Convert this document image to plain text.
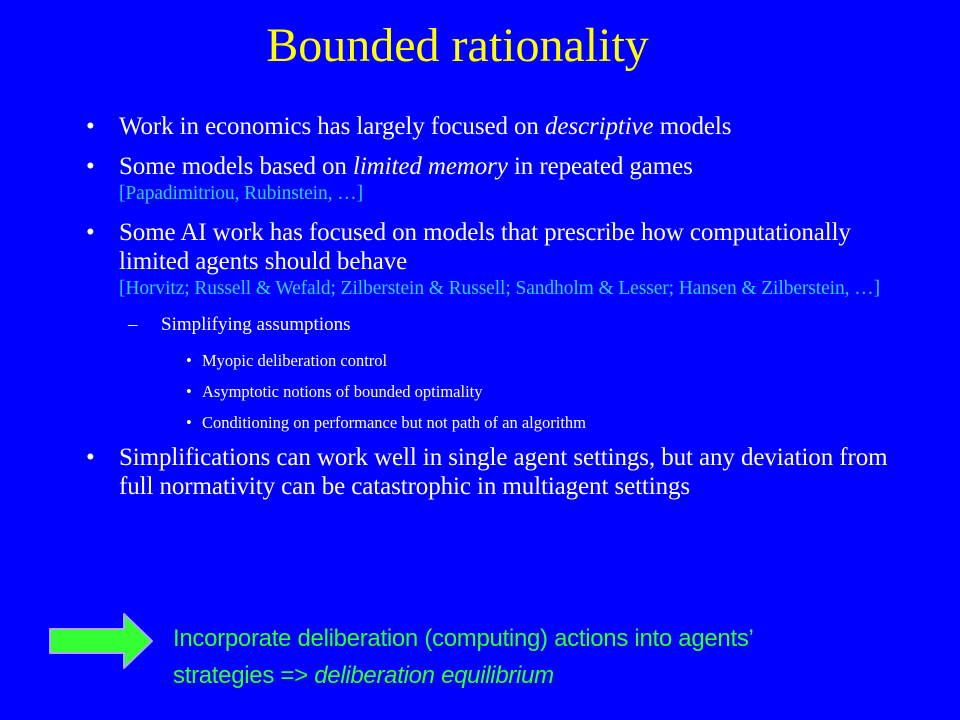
Bounded rationality
• Work in economics has largely focused on descriptive models
• Some models based on limited memory in repeated games
[Papadimitriou, Rubinstein, …]
• Some AI work has focused on models that prescribe how computationally limited agents should behave
[Horvitz; Russell & Wefald; Zilberstein & Russell; Sandholm & Lesser; Hansen & Zilberstein, …]
– Simplifying assumptions
• Myopic deliberation control
• Asymptotic notions of bounded optimality
• Conditioning on performance but not path of an algorithm
• Simplifications can work well in single agent settings, but any deviation from full normativity can be catastrophic in multiagent settings
Incorporate deliberation (computing) actions into agents’
strategies => deliberation equilibrium
